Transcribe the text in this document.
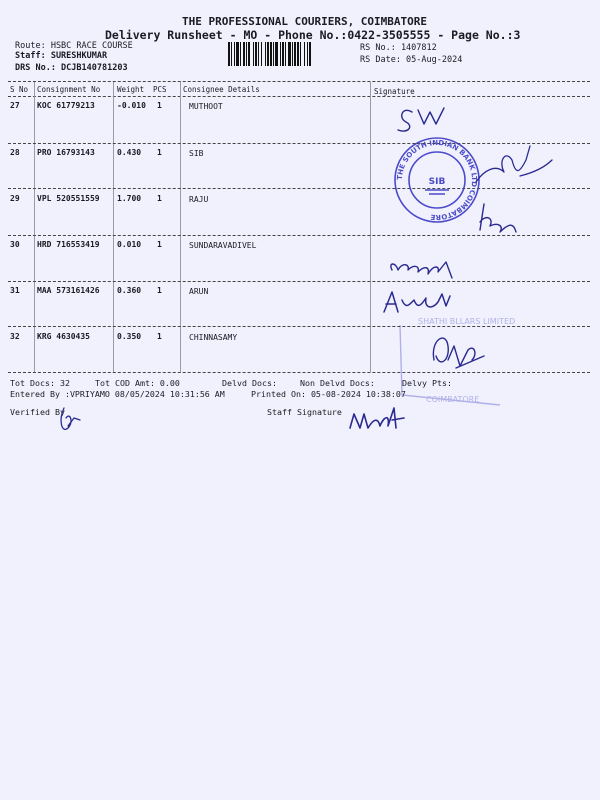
THE PROFESSIONAL COURIERS, COIMBATORE
Delivery Runsheet - MO - Phone No.:0422-3505555 - Page No.:3
Route: HSBC RACE COURSE
Staff: SURESHKUMAR
DRS No.: DCJB140781203
RS No.: 1407812
RS Date: 05-Aug-2024
S No Consignment No Weight PCS Consignee Details	Signature
27 KOC 61779213	-0.010 1	MUTHOOT
28 PRO 16793143	0.430 1	SIB
29 VPL 520551559 1.700 1	RAJU
30 HRD 716553419 0.010 1	SUNDARAVADIVEL
31 MAA 573161426 0.360 1	ARUN
32 KRG 4630435	0.350 1	CHINNASAMY
Tot Docs: 32	Tot COD Amt: 0.00	Delvd Docs:	Non Delvd Docs:	Delvy Pts:
Entered By :VPRIYAMO 08/05/2024 10:31:56 AM	Printed On: 05-08-2024 10:38:07
Verified By	Staff Signature
THE SOUTH INDIAN BANK LTD COIMBATORE
SIB
SHATHI BLLARS LIMITED
COIMBATORE
